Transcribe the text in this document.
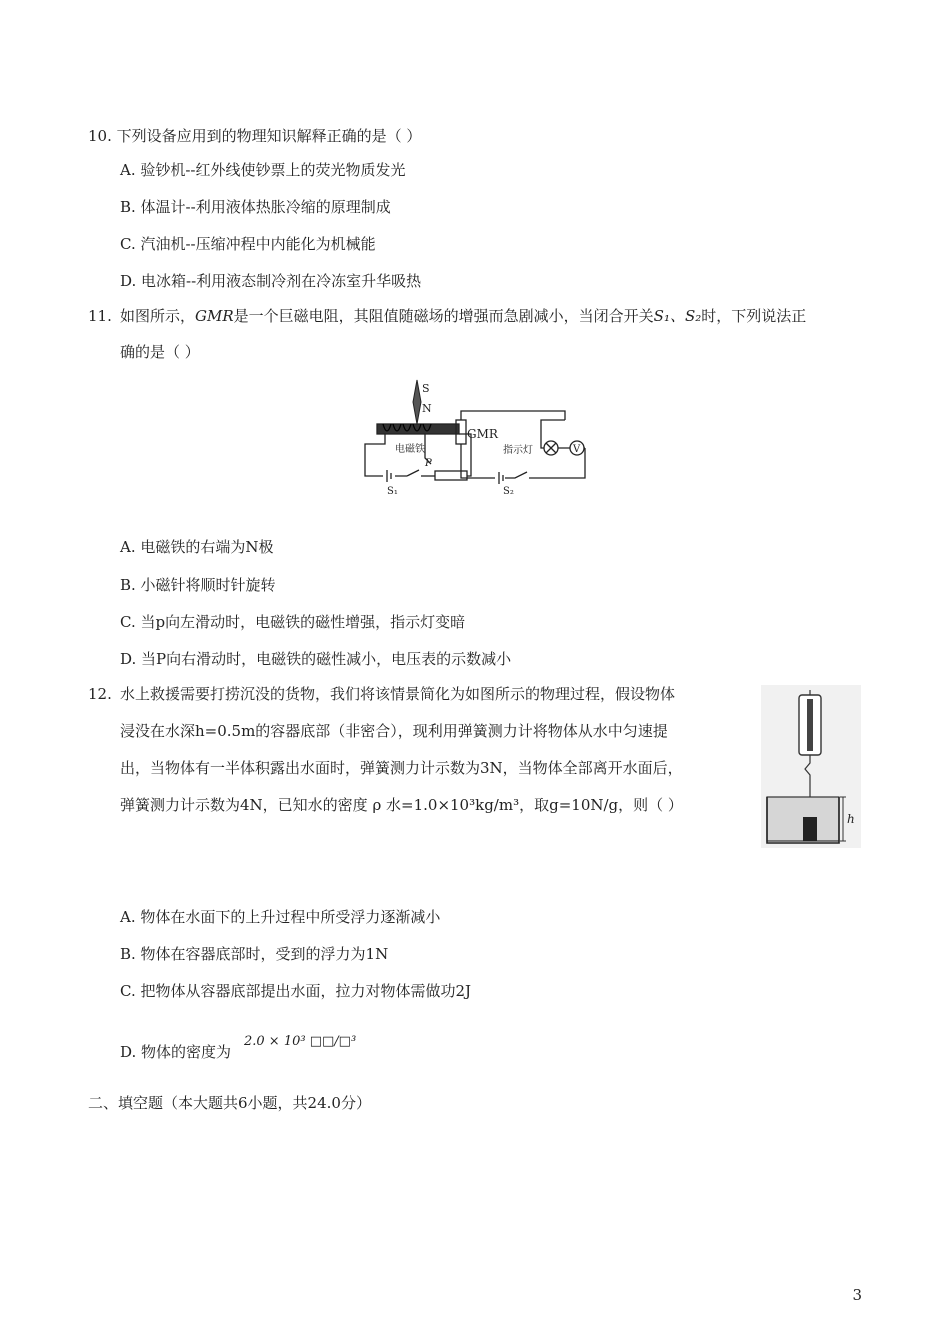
10. 下列设备应用到的物理知识解释正确的是（ ）
A. 验钞机--红外线使钞票上的荧光物质发光
B. 体温计--利用液体热胀冷缩的原理制成
C. 汽油机--压缩冲程中内能化为机械能
D. 电冰箱--利用液态制冷剂在冷冻室升华吸热
11. 如图所示，GMR是一个巨磁电阻，其阻值随磁场的增强而急剧减小，当闭合开关S₁、S₂时，下列说法正
确的是（ ）
S
N
电磁铁
P
S₁
GMR
S₂
指示灯	V
A. 电磁铁的右端为N极
B. 小磁针将顺时针旋转
C. 当p向左滑动时，电磁铁的磁性增强，指示灯变暗
D. 当P向右滑动时，电磁铁的磁性减小，电压表的示数减小
12. 水上救援需要打捞沉没的货物，我们将该情景简化为如图所示的物理过程，假设物体
浸没在水深h=0.5m的容器底部（非密合），现利用弹簧测力计将物体从水中匀速提
出，当物体有一半体积露出水面时，弹簧测力计示数为3N，当物体全部离开水面后，
弹簧测力计示数为4N，已知水的密度 ρ 水=1.0×10³kg/m³，取g=10N/g，则（ ）
h
A. 物体在水面下的上升过程中所受浮力逐渐减小
B. 物体在容器底部时，受到的浮力为1N
C. 把物体从容器底部提出水面，拉力对物体需做功2J
D. 物体的密度为
2.0 × 10³ □□/□³
二、填空题（本大题共6小题，共24.0分）
3
